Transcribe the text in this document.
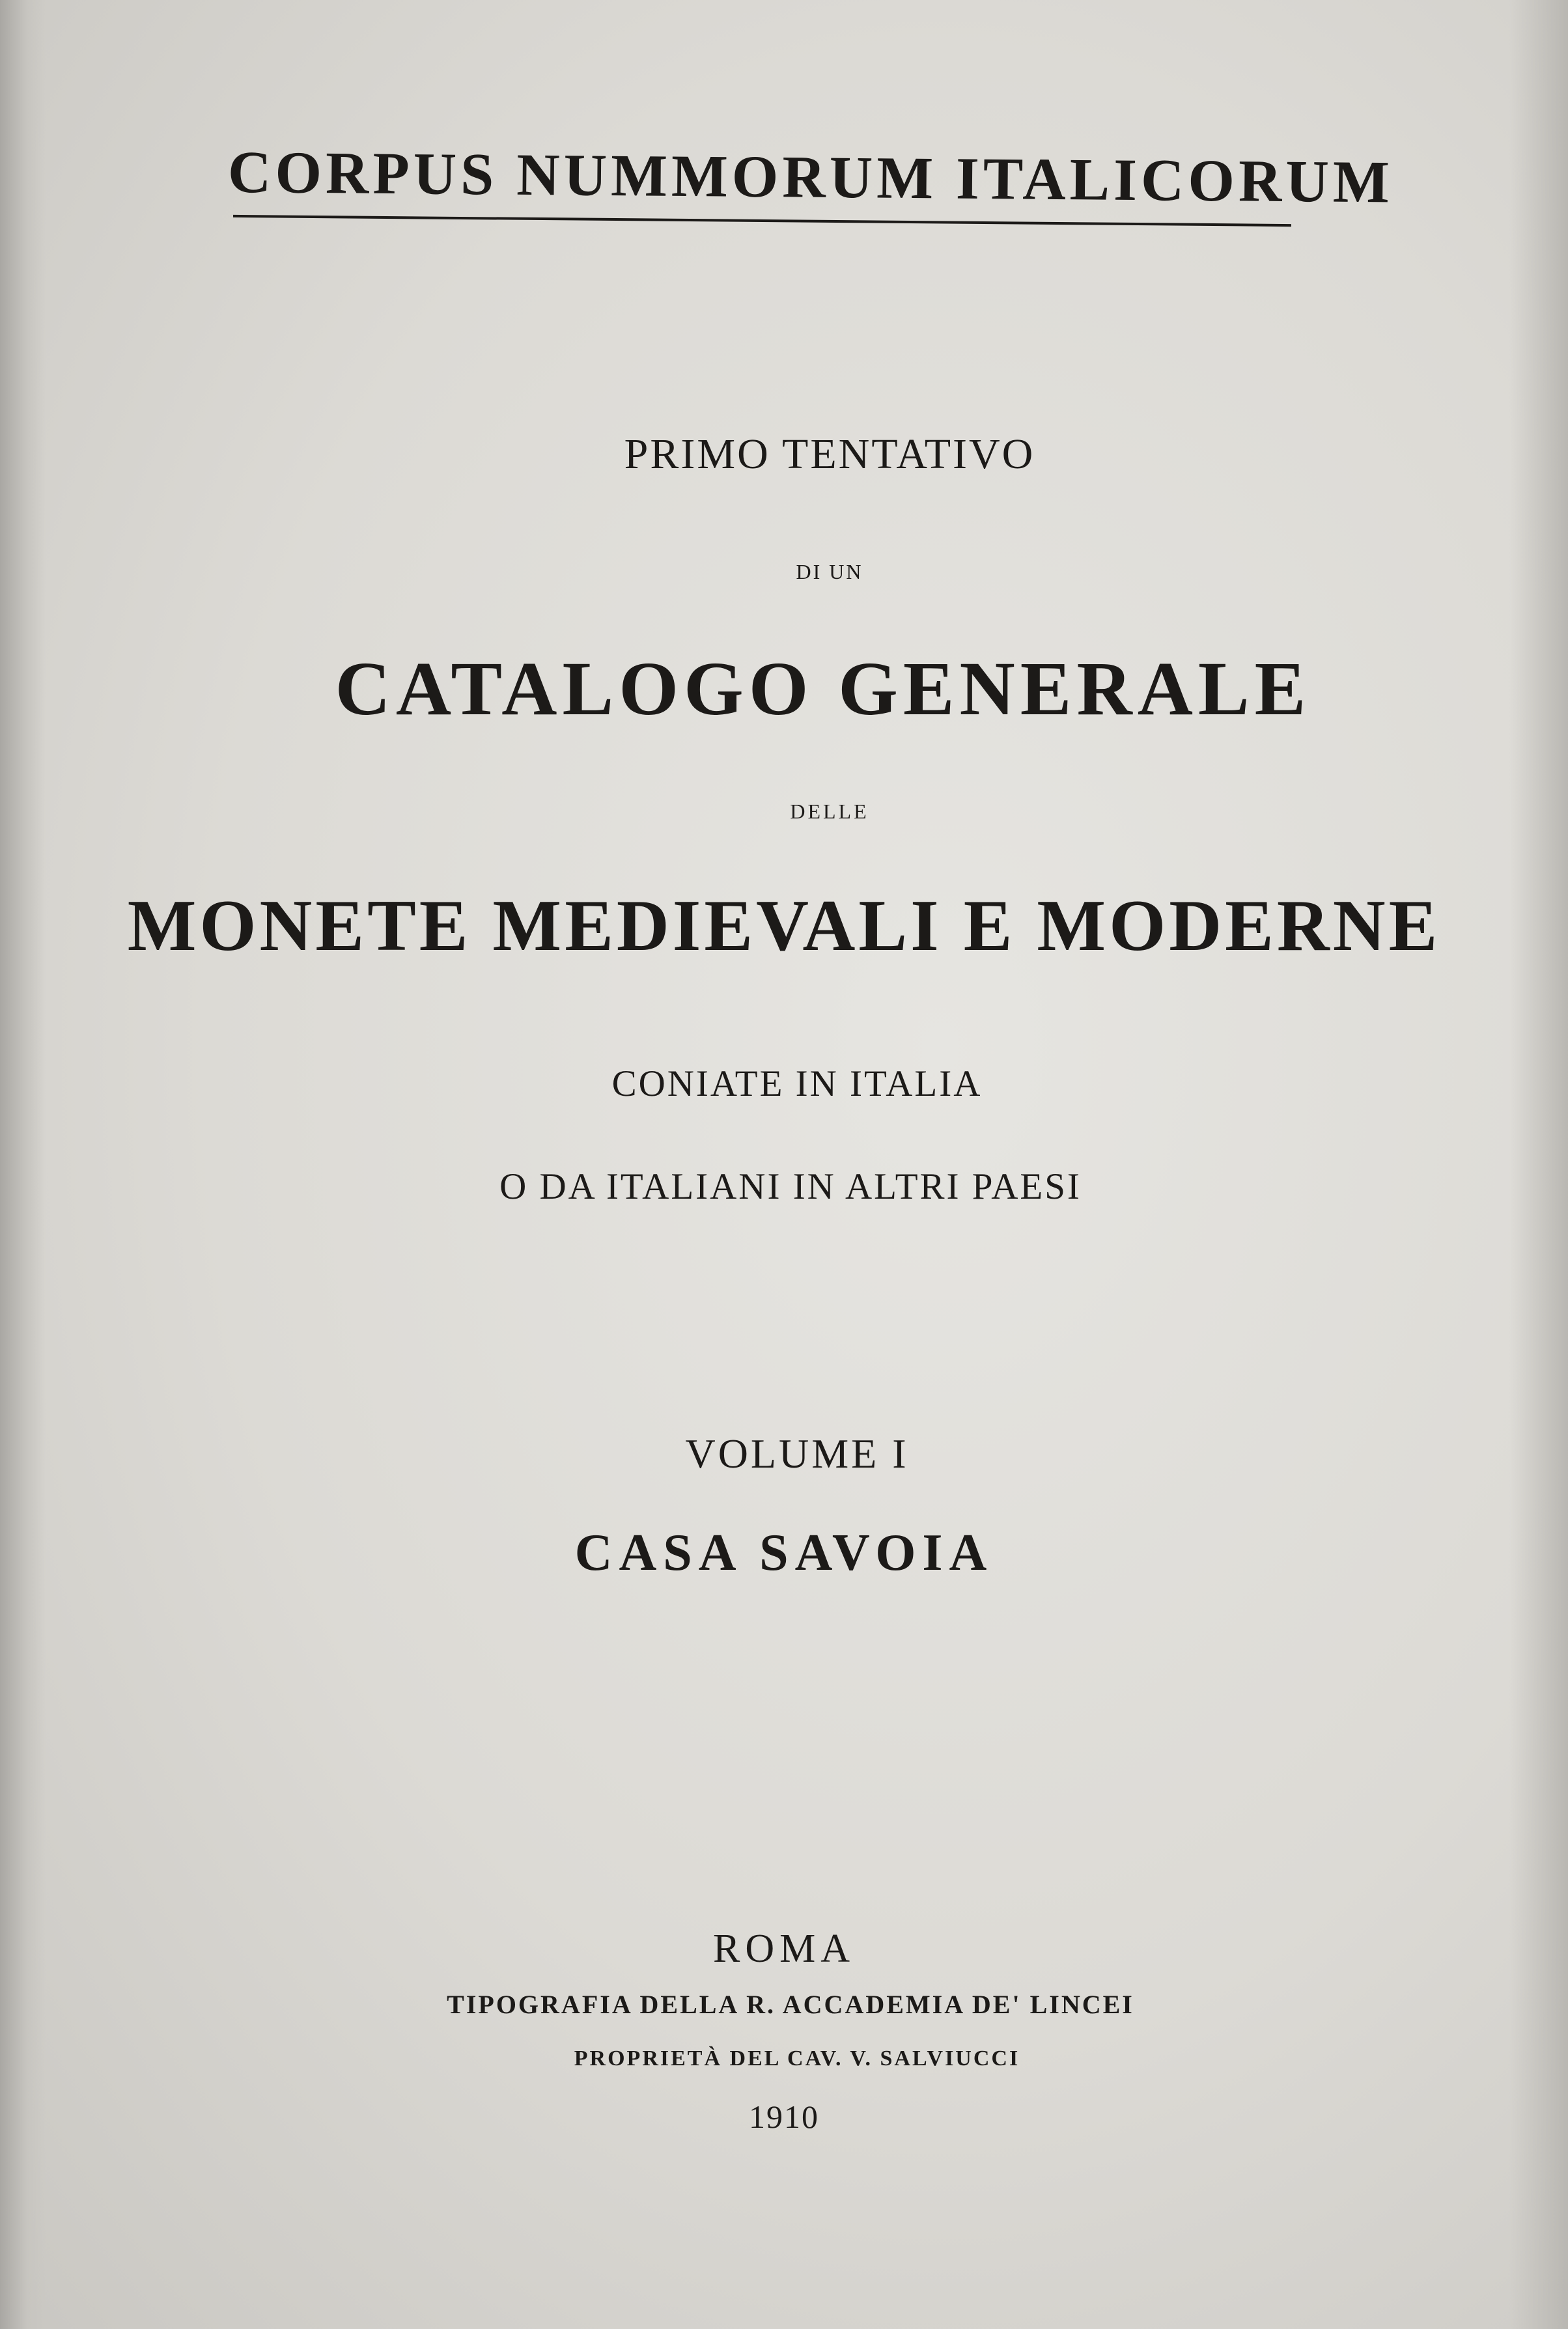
CORPUS NUMMORUM ITALICORUM

PRIMO TENTATIVO

DI UN

CATALOGO GENERALE

DELLE

MONETE MEDIEVALI E MODERNE

CONIATE IN ITALIA

O DA ITALIANI IN ALTRI PAESI

VOLUME I

CASA SAVOIA

ROMA

TIPOGRAFIA DELLA R. ACCADEMIA DE' LINCEI

PROPRIETÀ DEL CAV. V. SALVIUCCI

1910
